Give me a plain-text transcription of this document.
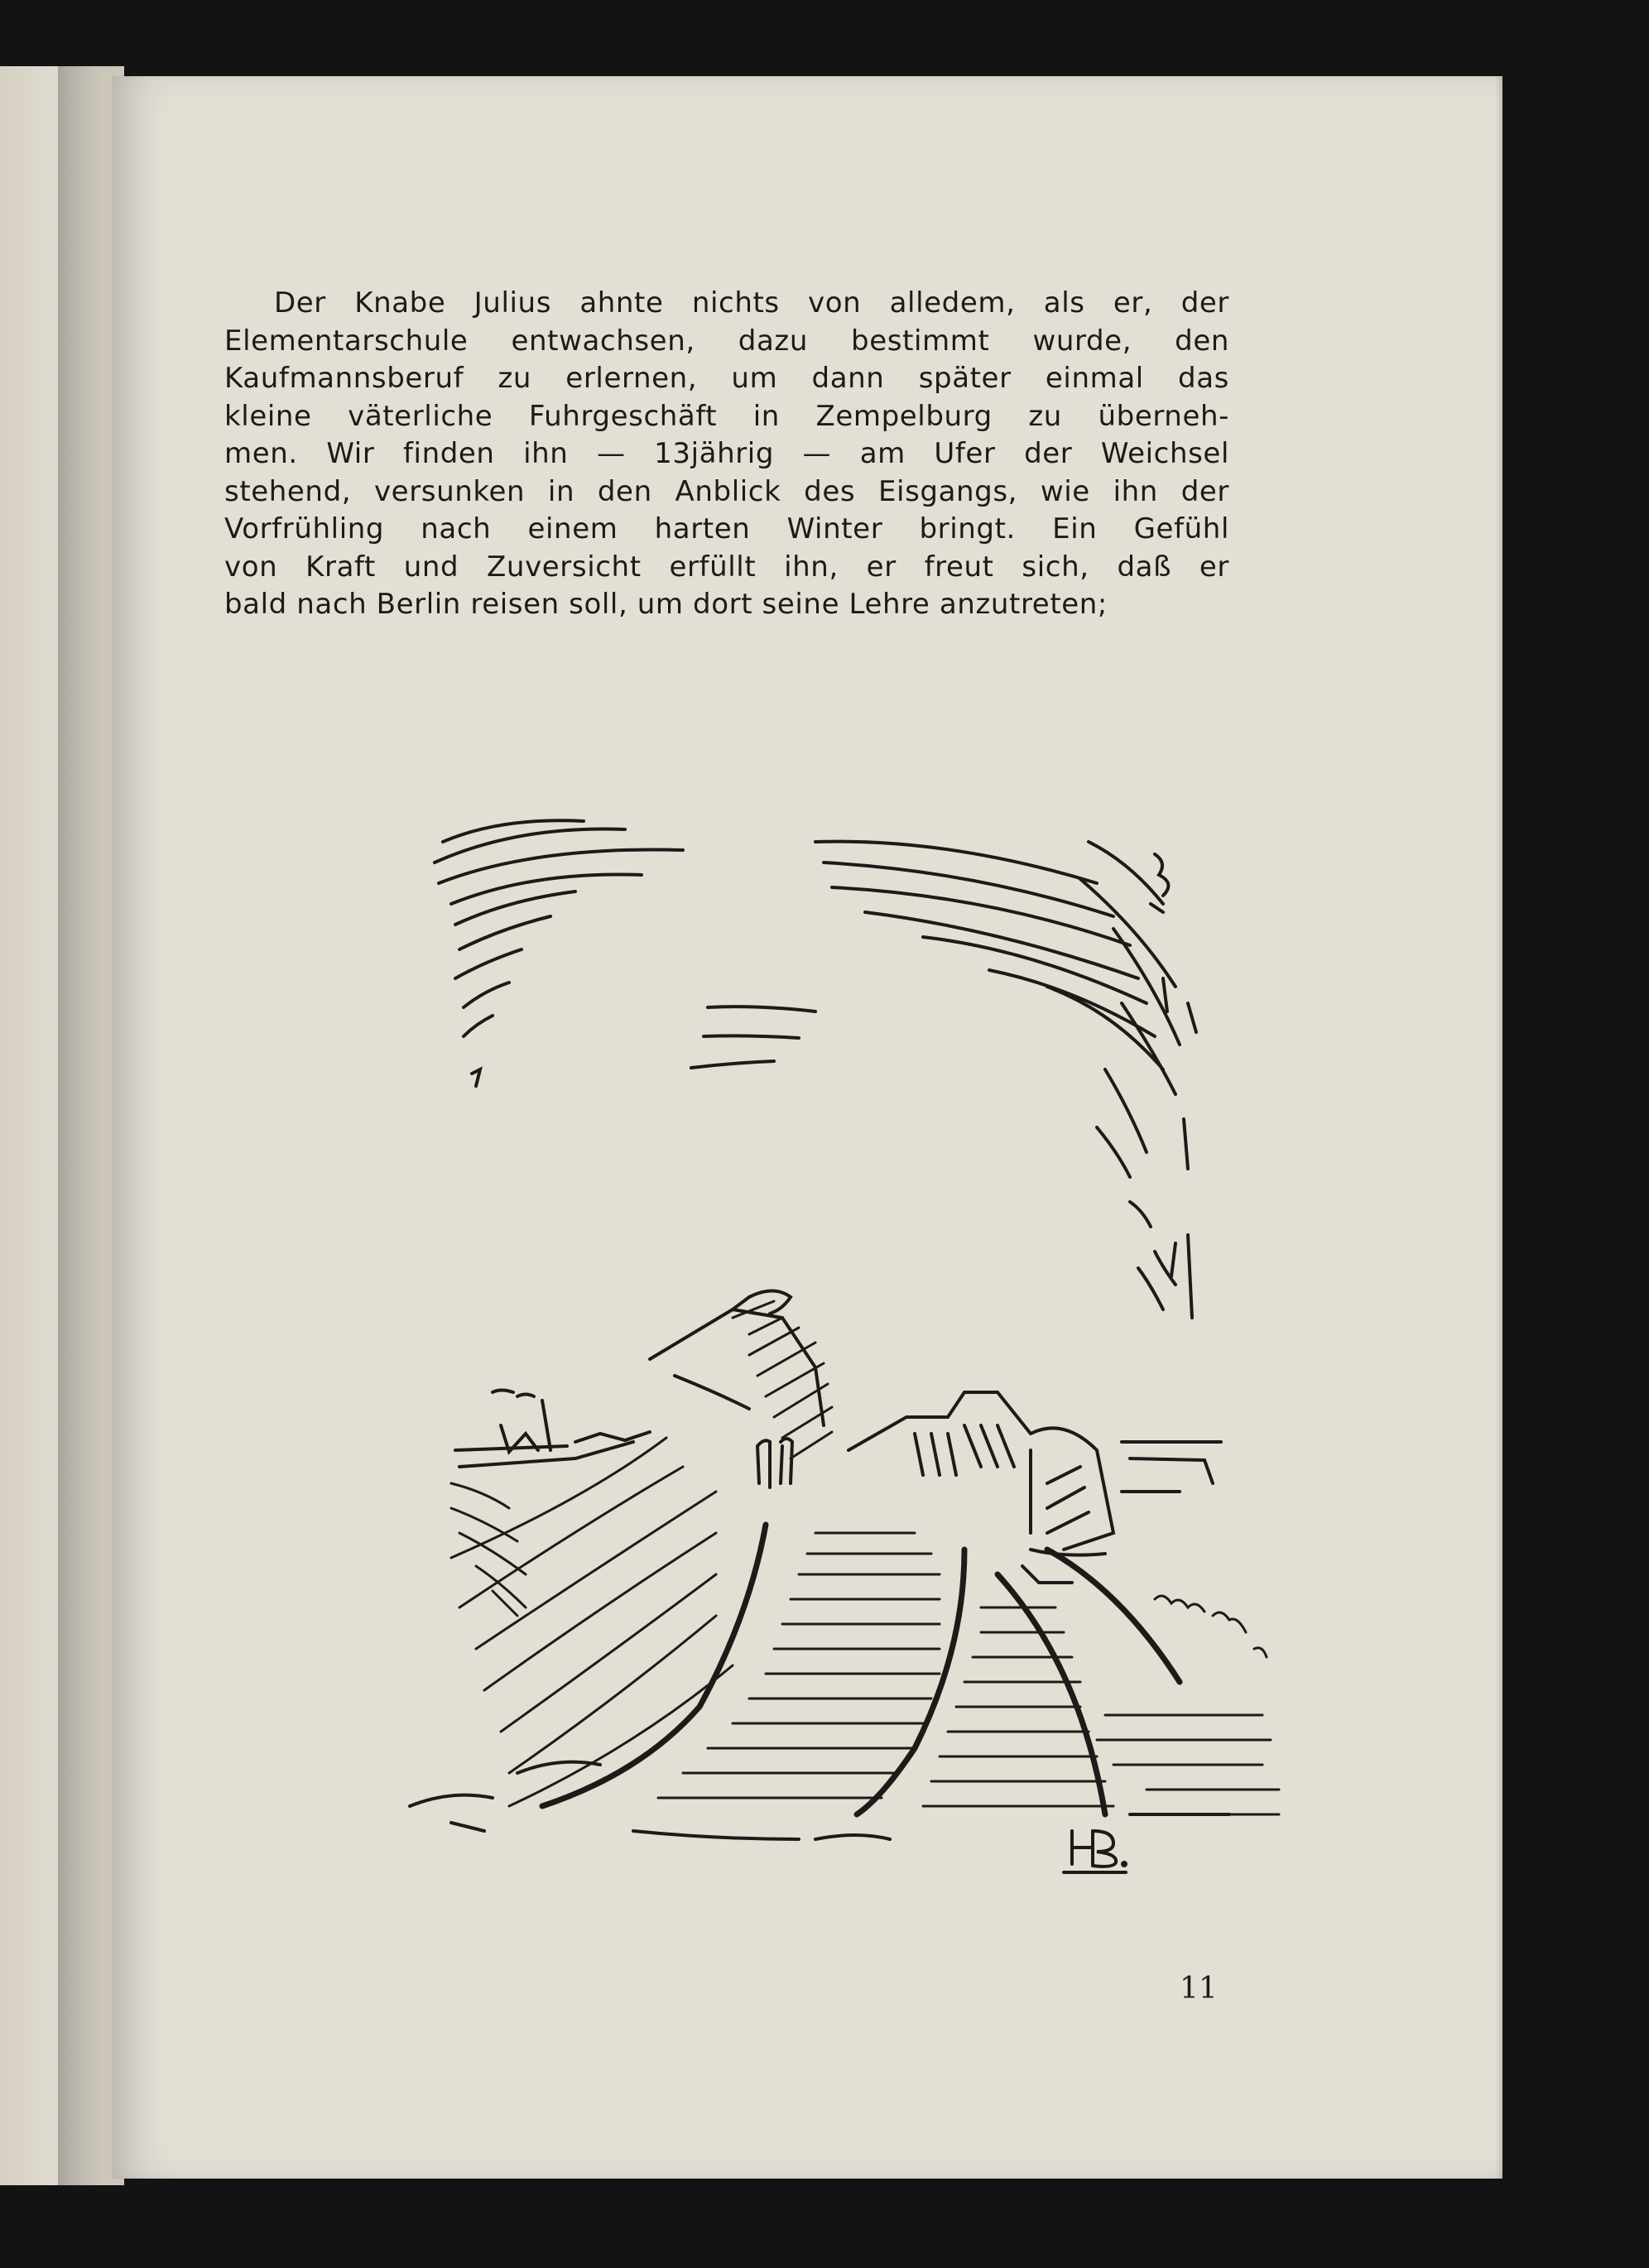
Der Knabe Julius ahnte nichts von alledem, als er, der
Elementarschule entwachsen, dazu bestimmt wurde, den
Kaufmannsberuf zu erlernen, um dann später einmal das
kleine väterliche Fuhrgeschäft in Zempelburg zu überneh-
men. Wir finden ihn — 13jährig — am Ufer der Weichsel
stehend, versunken in den Anblick des Eisgangs, wie ihn der
Vorfrühling nach einem harten Winter bringt. Ein Gefühl
von Kraft und Zuversicht erfüllt ihn, er freut sich, daß er
bald nach Berlin reisen soll, um dort seine Lehre anzutreten;

11
